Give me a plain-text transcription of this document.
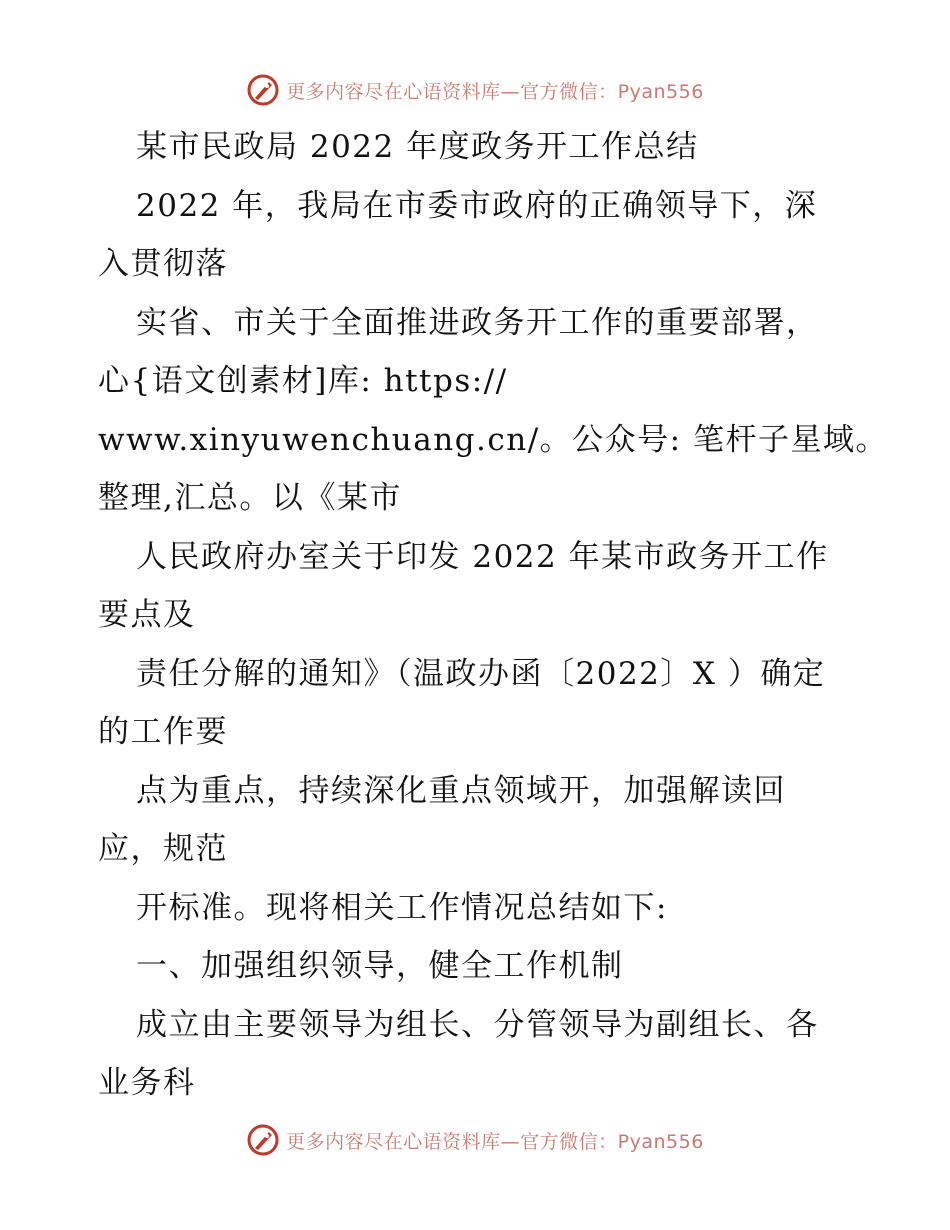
更多内容尽在心语资料库—官方微信：Pyan556
某市民政局 2022 年度政务开工作总结
2022 年，我局在市委市政府的正确领导下，深
入贯彻落
实省、市关于全面推进政务开工作的重要部署，
心{语文创素材]库: https://
www.xinyuwenchuang.cn/。公众号: 笔杆子星域。
整理,汇总。以《某市
人民政府办室关于印发 2022 年某市政务开工作
要点及
责任分解的通知》（温政办函〔2022〕X ）确定
的工作要
点为重点，持续深化重点领域开，加强解读回
应，规范
开标准。现将相关工作情况总结如下:
一、加强组织领导，健全工作机制
成立由主要领导为组长、分管领导为副组长、各
业务科
更多内容尽在心语资料库—官方微信：Pyan556
